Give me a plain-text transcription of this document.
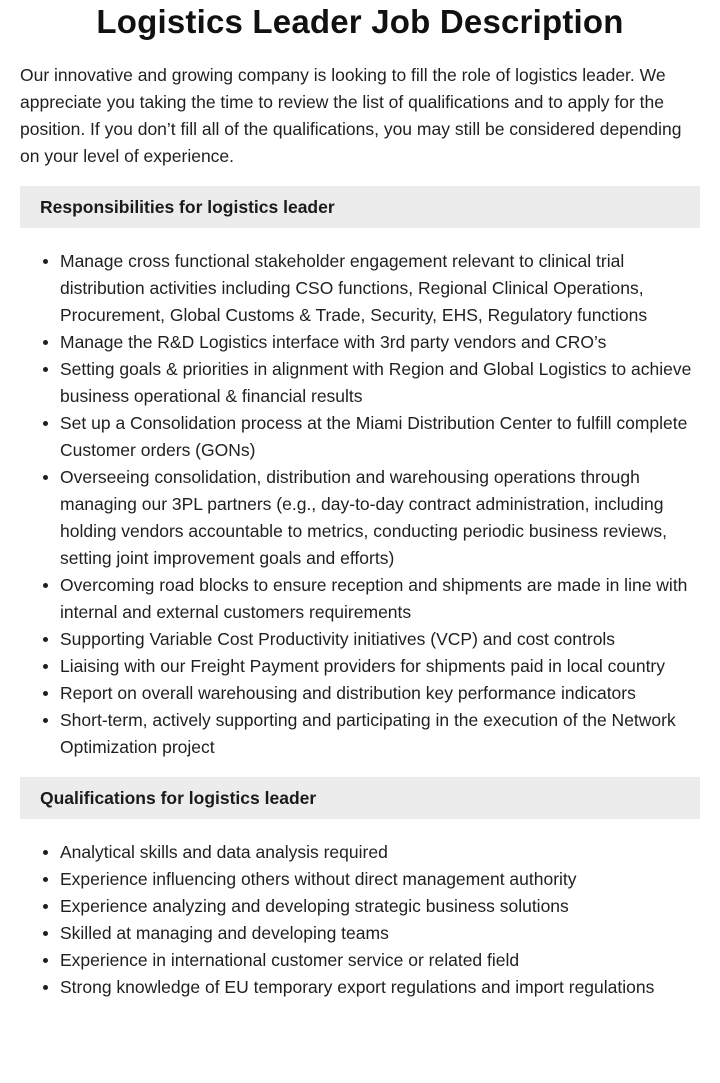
Logistics Leader Job Description

Our innovative and growing company is looking to fill the role of logistics leader. We appreciate you taking the time to review the list of qualifications and to apply for the position. If you don’t fill all of the qualifications, you may still be considered depending on your level of experience.

Responsibilities for logistics leader
Manage cross functional stakeholder engagement relevant to clinical trial distribution activities including CSO functions, Regional Clinical Operations, Procurement, Global Customs & Trade, Security, EHS, Regulatory functions
Manage the R&D Logistics interface with 3rd party vendors and CRO’s
Setting goals & priorities in alignment with Region and Global Logistics to achieve business operational & financial results
Set up a Consolidation process at the Miami Distribution Center to fulfill complete Customer orders (GONs)
Overseeing consolidation, distribution and warehousing operations through managing our 3PL partners (e.g., day-to-day contract administration, including holding vendors accountable to metrics, conducting periodic business reviews, setting joint improvement goals and efforts)
Overcoming road blocks to ensure reception and shipments are made in line with internal and external customers requirements
Supporting Variable Cost Productivity initiatives (VCP) and cost controls
Liaising with our Freight Payment providers for shipments paid in local country
Report on overall warehousing and distribution key performance indicators
Short-term, actively supporting and participating in the execution of the Network Optimization project
Qualifications for logistics leader
Analytical skills and data analysis required
Experience influencing others without direct management authority
Experience analyzing and developing strategic business solutions
Skilled at managing and developing teams
Experience in international customer service or related field
Strong knowledge of EU temporary export regulations and import regulations
